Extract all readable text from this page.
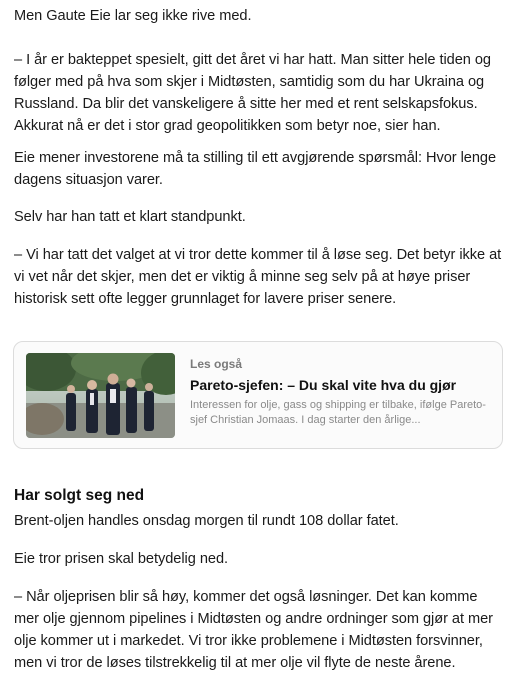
Men Gaute Eie lar seg ikke rive med.

– I år er bakteppet spesielt, gitt det året vi har hatt. Man sitter hele tiden og følger med på hva som skjer i Midtøsten, samtidig som du har Ukraina og Russland. Da blir det vanskeligere å sitte her med et rent selskapsfokus. Akkurat nå er det i stor grad geopolitikken som betyr noe, sier han.

Eie mener investorene må ta stilling til ett avgjørende spørsmål: Hvor lenge dagens situasjon varer.

Selv har han tatt et klart standpunkt.

– Vi har tatt det valget at vi tror dette kommer til å løse seg. Det betyr ikke at vi vet når det skjer, men det er viktig å minne seg selv på at høye priser historisk sett ofte legger grunnlaget for lavere priser senere.

Les også
Pareto-sjefen: – Du skal vite hva du gjør
Interessen for olje, gass og shipping er tilbake, ifølge Pareto-sjef Christian Jomaas. I dag starter den årlige...
Har solgt seg ned

Brent-oljen handles onsdag morgen til rundt 108 dollar fatet.

Eie tror prisen skal betydelig ned.

– Når oljeprisen blir så høy, kommer det også løsninger. Det kan komme mer olje gjennom pipelines i Midtøsten og andre ordninger som gjør at mer olje kommer ut i markedet. Vi tror ikke problemene i Midtøsten forsvinner, men vi tror de løses tilstrekkelig til at mer olje vil flyte de neste årene.
